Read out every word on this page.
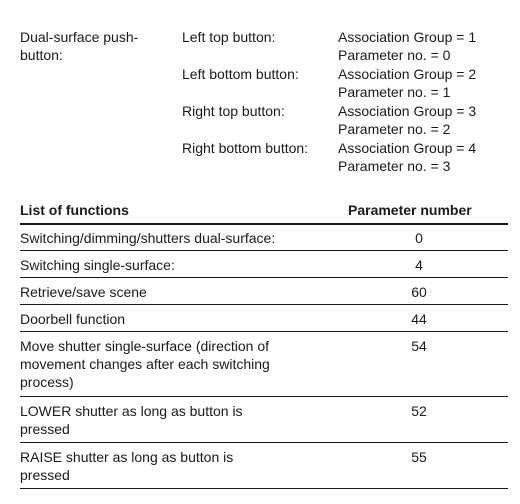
Dual-surface push-button:
Left top button:	Association Group = 1
Parameter no. = 0
Left bottom button:	Association Group = 2
Parameter no. = 1
Right top button:	Association Group = 3
Parameter no. = 2
Right bottom button: Association Group = 4
Parameter no. = 3
List of functions	Parameter number
Switching/dimming/shutters dual-surface:	0
Switching single-surface:	4
Retrieve/save scene	60
Doorbell function	44
Move shutter single-surface (direction of movement changes after each switching process)
54
LOWER shutter as long as button is pressed
52
RAISE shutter as long as button is pressed
55
